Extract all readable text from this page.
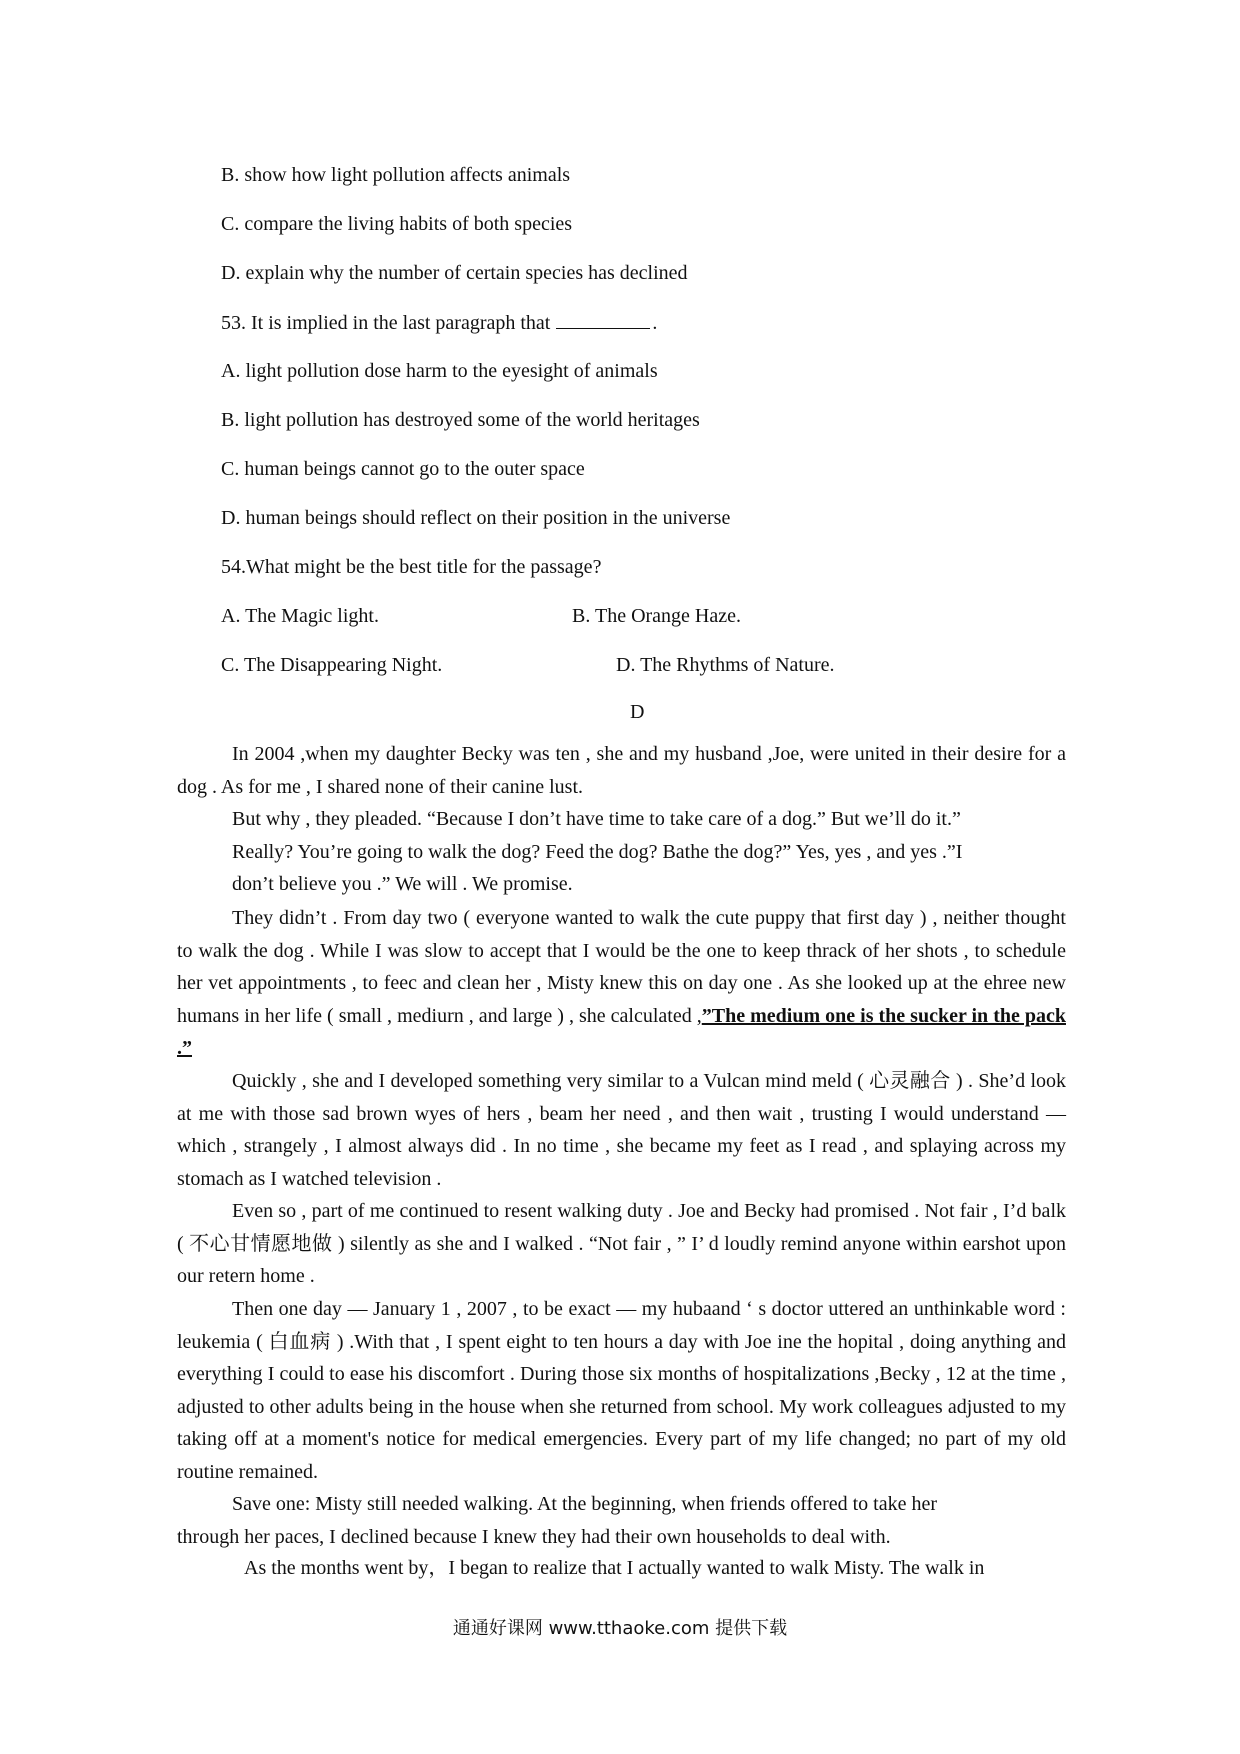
B. show how light pollution affects animals
C. compare the living habits of both species
D. explain why the number of certain species has declined
53. It is implied in the last paragraph that	.
A. light pollution dose harm to the eyesight of animals
B. light pollution has destroyed some of the world heritages
C. human beings cannot go to the outer space
D. human beings should reflect on their position in the universe
54.What might be the best title for the passage?
A. The Magic light.	B. The Orange Haze.
C. The Disappearing Night.	D. The Rhythms of Nature.
D

In 2004 ,when my daughter Becky was ten , she and my husband ,Joe, were united in their desire for a dog . As for me , I shared none of their canine lust.

But why , they pleaded. “Because I don’t have time to take care of a dog.” But we’ll do it.”
Really? You’re going to walk the dog? Feed the dog? Bathe the dog?” Yes, yes , and yes .”I
don’t believe you .” We will . We promise.

They didn’t . From day two ( everyone wanted to walk the cute puppy that first day ) , neither thought to walk the dog . While I was slow to accept that I would be the one to keep thrack of her shots , to schedule her vet appointments , to feec and clean her , Misty knew this on day one . As she looked up at the ehree new humans in her life ( small , mediurn , and large ) , she calculated ,”The medium one is the sucker in the pack .”

Quickly , she and I developed something very similar to a Vulcan mind meld ( 心灵融合 ) . She’d look at me with those sad brown wyes of hers , beam her need , and then wait , trusting I would understand — which , strangely , I almost always did . In no time , she became my feet as I read , and splaying across my stomach as I watched television .

Even so , part of me continued to resent walking duty . Joe and Becky had promised . Not fair , I’d balk ( 不心甘情愿地做 ) silently as she and I walked . “Not fair , ” I’ d loudly remind anyone within earshot upon our retern home .

Then one day — January 1 , 2007 , to be exact — my hubaand ‘ s doctor uttered an unthinkable word : leukemia ( 白血病 ) .With that , I spent eight to ten hours a day with Joe ine the hopital , doing anything and everything I could to ease his discomfort . During those six months of hospitalizations ,Becky , 12 at the time , adjusted to other adults being in the house when she returned from school. My work colleagues adjusted to my taking off at a moment's notice for medical emergencies. Every part of my life changed; no part of my old routine remained.

Save one: Misty still needed walking. At the beginning, when friends offered to take her
through her paces, I declined because I knew they had their own households to deal with.
As the months went by，I began to realize that I actually wanted to walk Misty. The walk in
通通好课网 www.tthaoke.com 提供下载
